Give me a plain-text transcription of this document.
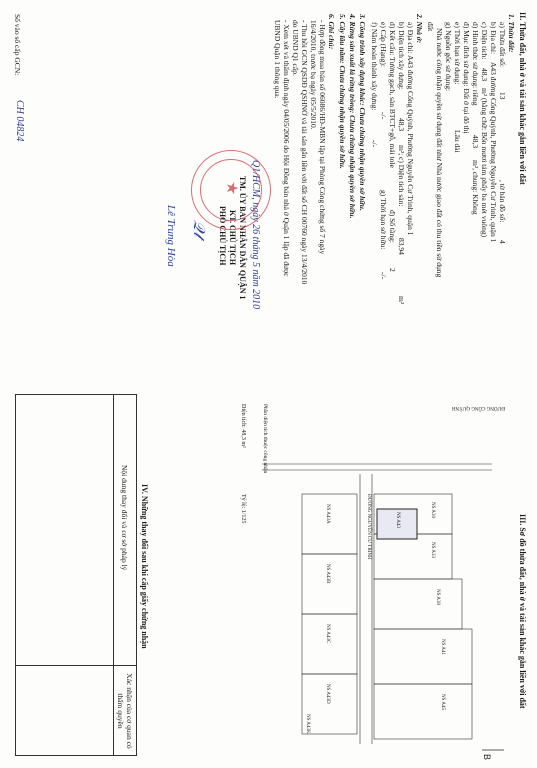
II. Thửa đất, nhà ở và tài sản khác gắn liền với đất
1. Thửa đất:
a) Thửa đất số:
13
, tờ bản đồ số:
4
b) Địa chỉ:
A43 đường Cống Quỳnh, Phường Nguyễn Cư Trinh, quận 1
c) Diện tích:
48,3
m² (bằng chữ: Bốn mươi tám phẩy ba mét vuông)
d) Hình thức sử dụng: riêng
48,3
m², chung: Không
đ) Mục đích sử dụng: Đất ở tại đô thị
e) Thời hạn sử dụng:
Lâu dài
g) Nguồn gốc sử dụng:
Nhà nước công nhận quyền sử dụng đất như Nhà nước giao đất có thu tiền sử dụng
đất
2. Nhà ở:
a) Địa chỉ: A43 đường Cống Quỳnh, Phường Nguyễn Cư Trinh, quận 1
b) Diện tích xây dựng:
48,3
m²; c) Diện tích sàn:
83,94
m²
d) Kết cấu: Tường gạch, sàn BTCT+gỗ, mái tole
đ) Số tầng:
2
e) Cấp (Hạng):
-/-
g) Thời hạn sở hữu:
-/-
f) Năm hoàn thành xây dựng:
-/-
3. Công trình xây dựng khác: Chưa chứng nhận quyền sở hữu.
4. Rừng sản xuất là rừng trồng: Chưa chứng nhận quyền sở hữu.
5. Cây lâu năm: Chưa chứng nhận quyền sở hữu.
6. Ghi chú:
- Hợp đồng mua bán số 06086/HĐ-MBN lập tại Phòng Công chứng số 7 ngày
16/4/2010, trước bạ ngày 05/5/2010.
- Thu hồi GCN QSDĐ QSHNỞ và tài sản gắn liền với đất số CH 00760 ngày 13/4/2010
do UBND Q1 cấp.
- Xem xét và thẩm định ngày 04/05/2006 do Hội Đồng bán nhà ở Quận 1 lập đã được
UBND Quận 1 thông qua.
Q1/HCM, ngày 26 tháng 5 năm 2010
TM. ỦY BAN NHÂN DÂN QUẬN 1
KT. CHỦ TỊCH
PHÓ CHỦ TỊCH
★
𝒬𝓉
Lê Trung Hòa
Số vào sổ cấp GCN:
CH 04824
III. Sơ đồ thửa đất, nhà ở và tài sản khác gắn liền với đất
B
ĐƯỜNG CỐNG QUỲNH
ĐƯỜNG NGUYỄN CƯ TRINH	NS A30
NS A33
NS A39
NS A41
NS A43
NS A45
NS A43A
NS A43B
NS A43C
NS A43D
NS A43K
Phần diện tích thuộc công nhận
Diện tích: 48,3 m²
Tỷ lệ: 1/125
IV. Những thay đổi sau khi cấp giấy chứng nhận
Nội dung thay đổi và cơ sở pháp lý
Xác nhận của cơ quan có thẩm quyền
